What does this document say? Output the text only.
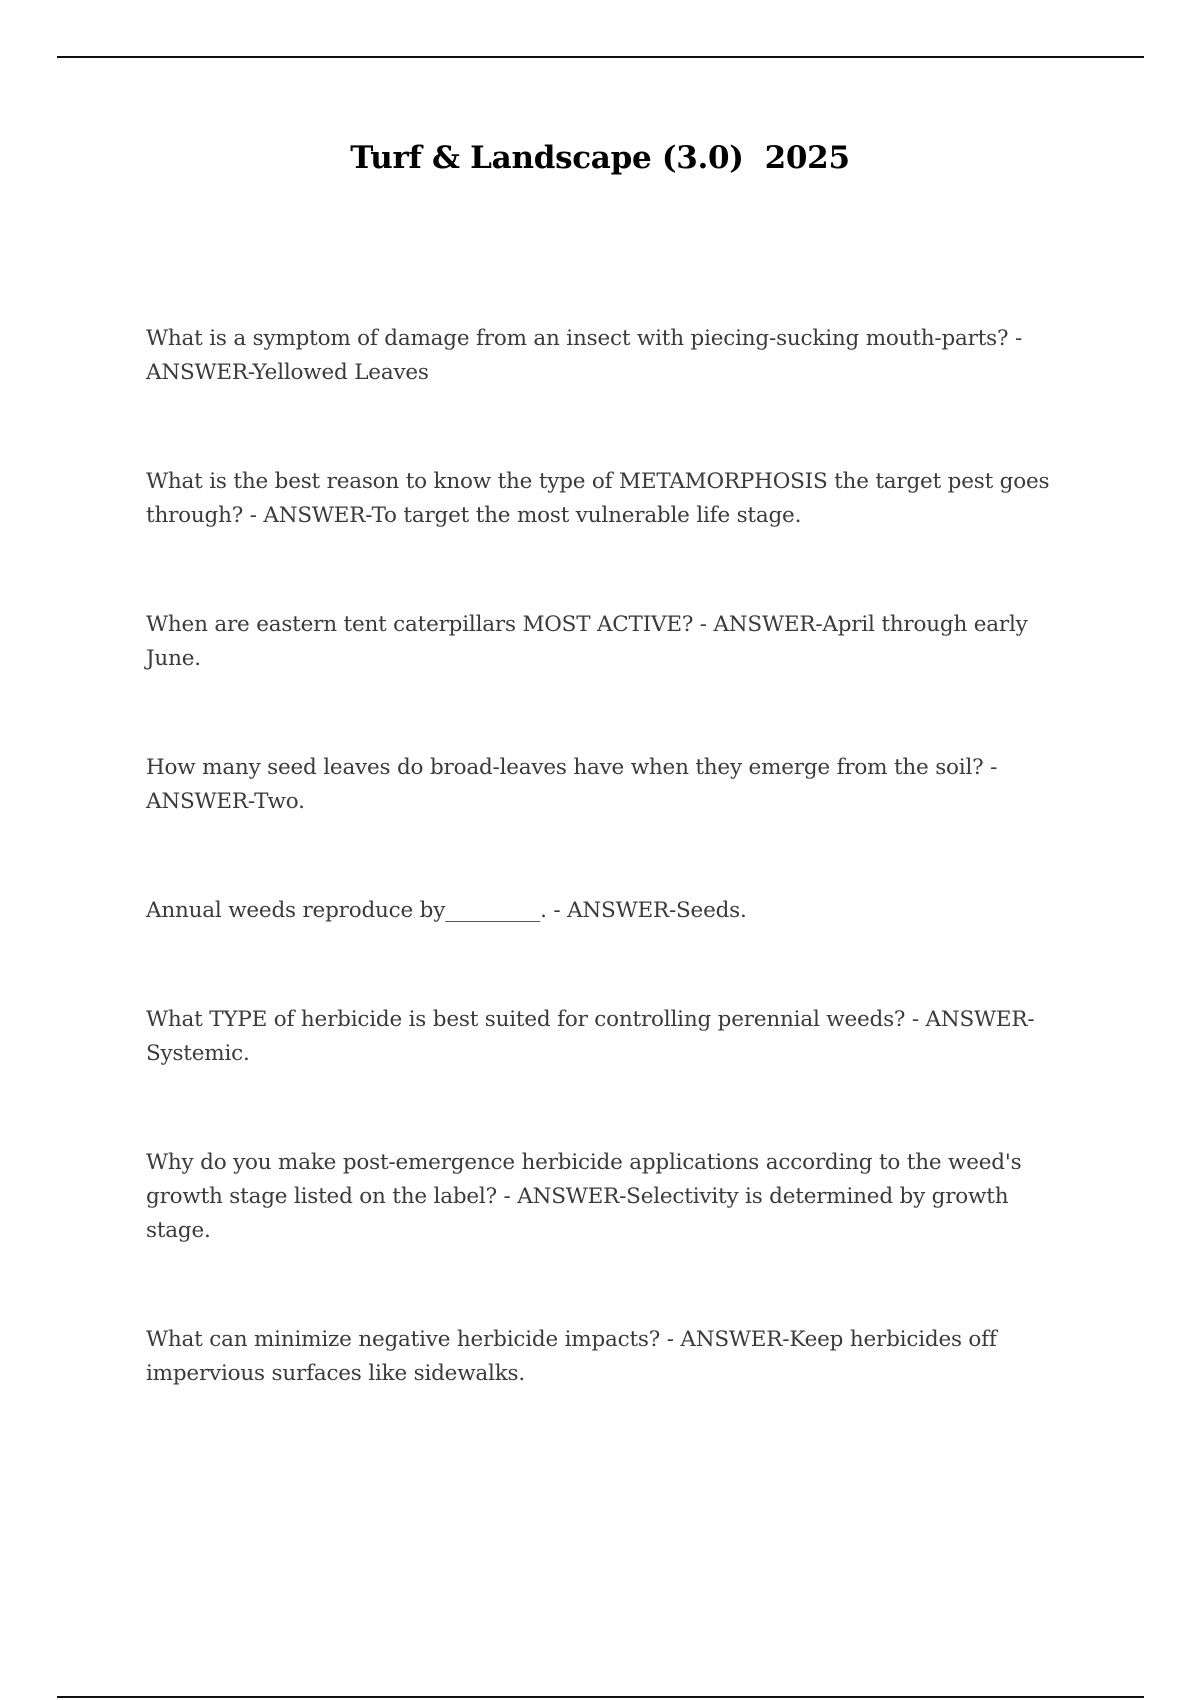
Turf & Landscape (3.0)  2025

What is a symptom of damage from an insect with piecing-sucking mouth-parts? - ANSWER-Yellowed Leaves

What is the best reason to know the type of METAMORPHOSIS the target pest goes through? - ANSWER-To target the most vulnerable life stage.

When are eastern tent caterpillars MOST ACTIVE? - ANSWER-April through early June.

How many seed leaves do broad-leaves have when they emerge from the soil? - ANSWER-Two.

Annual weeds reproduce by_________. - ANSWER-Seeds.

What TYPE of herbicide is best suited for controlling perennial weeds? - ANSWER-Systemic.

Why do you make post-emergence herbicide applications according to the weed's growth stage listed on the label? - ANSWER-Selectivity is determined by growth stage.

What can minimize negative herbicide impacts? - ANSWER-Keep herbicides off impervious surfaces like sidewalks.
